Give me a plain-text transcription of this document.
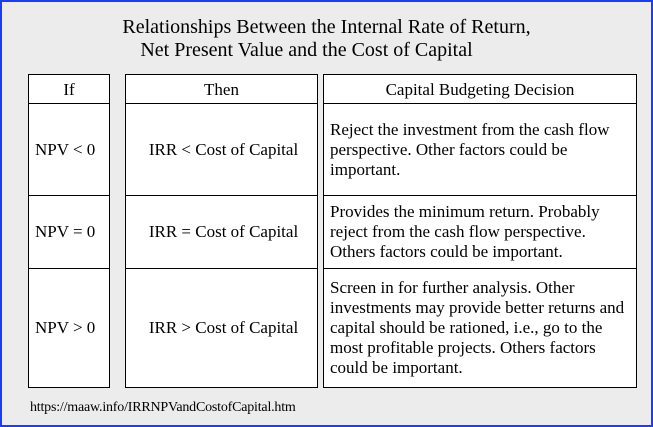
Relationships Between the Internal Rate of Return,
Net Present Value and the Cost of Capital
If
NPV < 0
NPV = 0
NPV > 0
Then
IRR < Cost of Capital
IRR = Cost of Capital
IRR > Cost of Capital
Capital Budgeting Decision
Reject the investment from the cash flow perspective. Other factors could be important.
Provides the minimum return. Probably reject from the cash flow perspective. Others factors could be important.
Screen in for further analysis. Other investments may provide better returns and capital should be rationed, i.e., go to the most profitable projects. Others factors could be important.
https://maaw.info/IRRNPVandCostofCapital.htm
